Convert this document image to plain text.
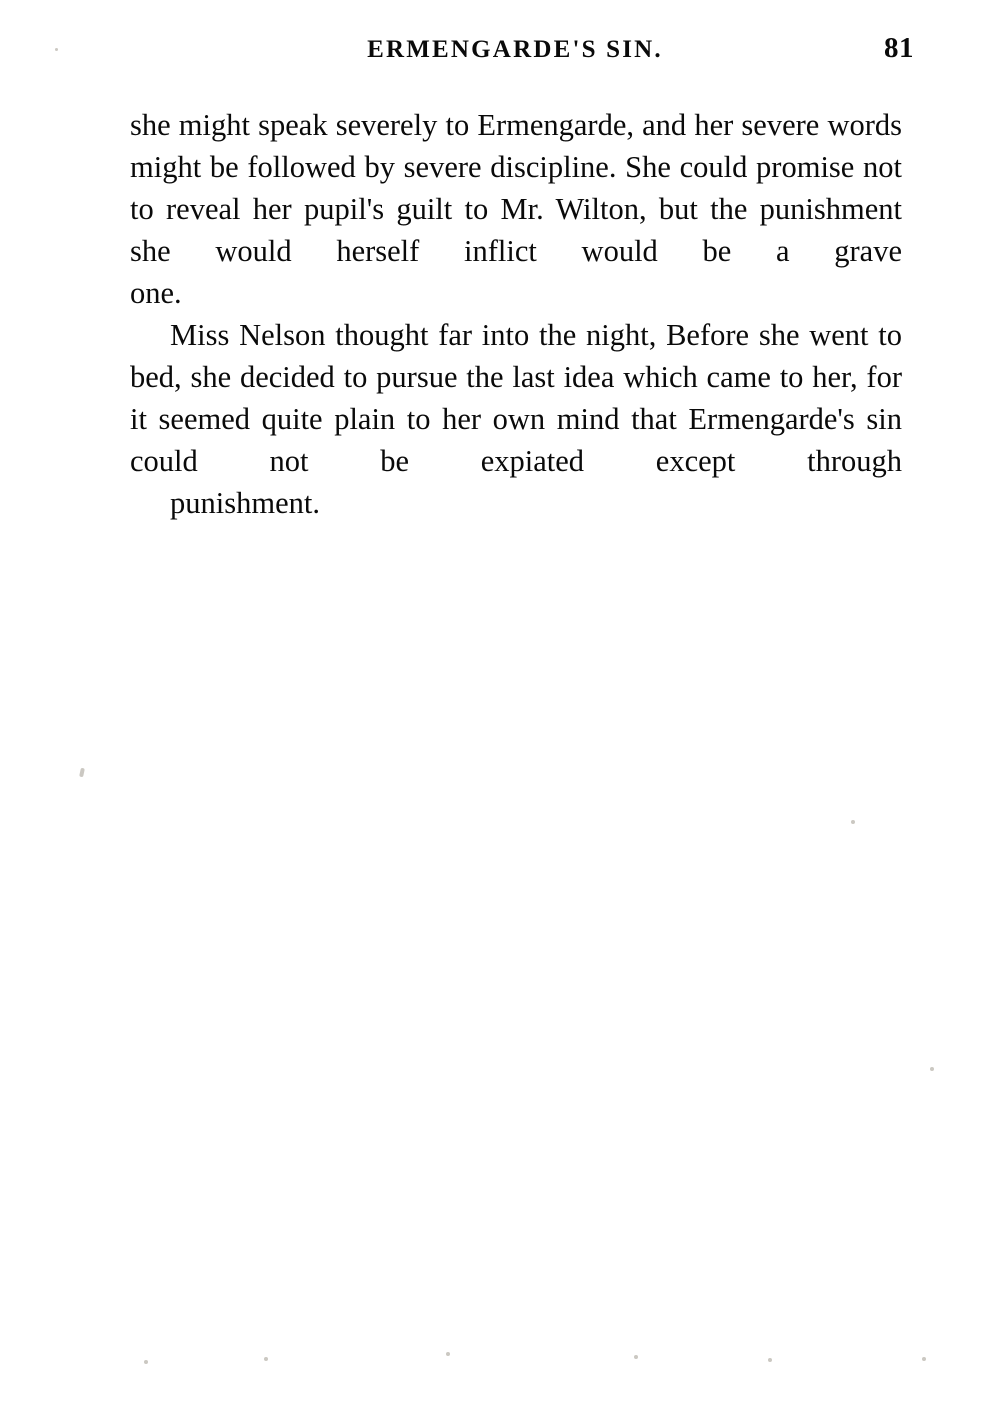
ERMENGARDE'S SIN.	81

she might speak severely to Ermengarde, and her severe words might be followed by severe discipline. She could promise not to reveal her pupil's guilt to Mr. Wilton, but the punishment she would herself inflict would be a grave
one.

Miss Nelson thought far into the night, Before she went to bed, she decided to pursue the last idea which came to her, for it seemed quite plain to her own mind that Ermengarde's sin could not be expiated except through
punishment.
